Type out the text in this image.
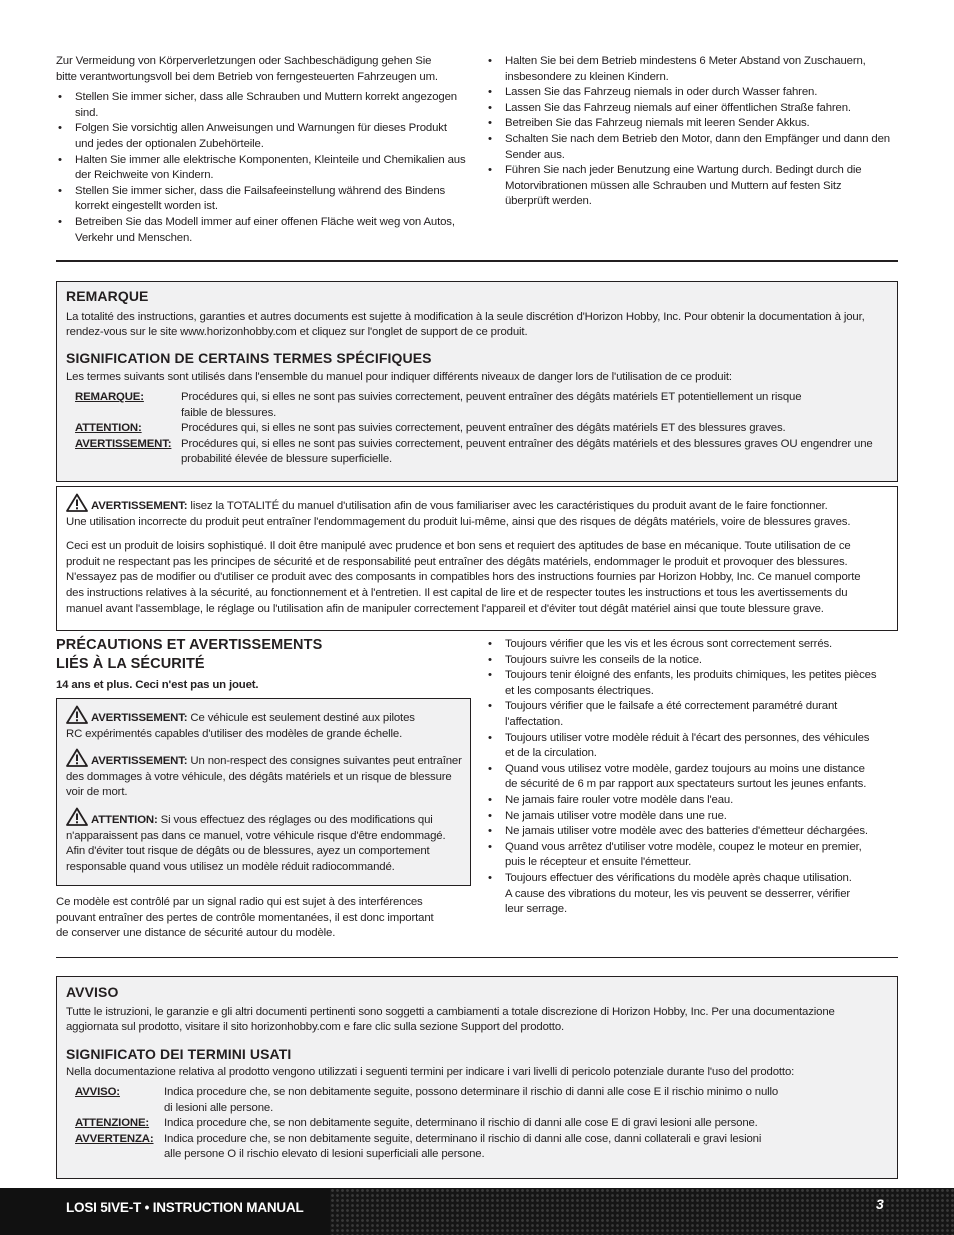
Zur Vermeidung von Körperverletzungen oder Sachbeschädigung gehen Sie
bitte verantwortungsvoll bei dem Betrieb von ferngesteuerten Fahrzeugen um.

• Stellen Sie immer sicher, dass alle Schrauben und Muttern korrekt angezogen
sind.
• Folgen Sie vorsichtig allen Anweisungen und Warnungen für dieses Produkt
und jedes der optionalen Zubehörteile.
• Halten Sie immer alle elektrische Komponenten, Kleinteile und Chemikalien aus
der Reichweite von Kindern.
• Stellen Sie immer sicher, dass die Failsafeeinstellung während des Bindens
korrekt eingestellt worden ist.
• Betreiben Sie das Modell immer auf einer offenen Fläche weit weg von Autos,
Verkehr und Menschen.
• Halten Sie bei dem Betrieb mindestens 6 Meter Abstand von Zuschauern,
insbesondere zu kleinen Kindern.
• Lassen Sie das Fahrzeug niemals in oder durch Wasser fahren.
• Lassen Sie das Fahrzeug niemals auf einer öffentlichen Straße fahren.
• Betreiben Sie das Fahrzeug niemals mit leeren Sender Akkus.
• Schalten Sie nach dem Betrieb den Motor, dann den Empfänger und dann den
Sender aus.
• Führen Sie nach jeder Benutzung eine Wartung durch. Bedingt durch die
Motorvibrationen müssen alle Schrauben und Muttern auf festen Sitz
überprüft werden.
REMARQUE

La totalité des instructions, garanties et autres documents est sujette à modification à la seule discrétion d'Horizon Hobby, Inc. Pour obtenir la documentation à jour,
rendez-vous sur le site www.horizonhobby.com et cliquez sur l'onglet de support de ce produit.

SIGNIFICATION DE CERTAINS TERMES SPÉCIFIQUES

Les termes suivants sont utilisés dans l'ensemble du manuel pour indiquer différents niveaux de danger lors de l'utilisation de ce produit:

REMARQUE:	Procédures qui, si elles ne sont pas suivies correctement, peuvent entraîner des dégâts matériels ET potentiellement un risque
faible de blessures.
ATTENTION:	Procédures qui, si elles ne sont pas suivies correctement, peuvent entraîner des dégâts matériels ET des blessures graves.
AVERTISSEMENT: Procédures qui, si elles ne sont pas suivies correctement, peuvent entraîner des dégâts matériels et des blessures graves OU engendrer une
probabilité élevée de blessure superficielle.

AVERTISSEMENT: lisez la TOTALITÉ du manuel d'utilisation afin de vous familiariser avec les caractéristiques du produit avant de le faire fonctionner.
Une utilisation incorrecte du produit peut entraîner l'endommagement du produit lui-même, ainsi que des risques de dégâts matériels, voire de blessures graves.

Ceci est un produit de loisirs sophistiqué. Il doit être manipulé avec prudence et bon sens et requiert des aptitudes de base en mécanique. Toute utilisation de ce
produit ne respectant pas les principes de sécurité et de responsabilité peut entraîner des dégâts matériels, endommager le produit et provoquer des blessures.
N'essayez pas de modifier ou d'utiliser ce produit avec des composants in compatibles hors des instructions fournies par Horizon Hobby, Inc. Ce manuel comporte
des instructions relatives à la sécurité, au fonctionnement et à l'entretien. Il est capital de lire et de respecter toutes les instructions et tous les avertissements du
manuel avant l'assemblage, le réglage ou l'utilisation afin de manipuler correctement l'appareil et d'éviter tout dégât matériel ainsi que toute blessure grave.

PRÉCAUTIONS ET AVERTISSEMENTS
LIÉS À LA SÉCURITÉ

14 ans et plus. Ceci n'est pas un jouet.

AVERTISSEMENT: Ce véhicule est seulement destiné aux pilotes
RC expérimentés capables d'utiliser des modèles de grande échelle.

AVERTISSEMENT: Un non-respect des consignes suivantes peut entraîner
des dommages à votre véhicule, des dégâts matériels et un risque de blessure
voir de mort.

ATTENTION: Si vous effectuez des réglages ou des modifications qui
n'apparaissent pas dans ce manuel, votre véhicule risque d'être endommagé.
Afin d'éviter tout risque de dégâts ou de blessures, ayez un comportement
responsable quand vous utilisez un modèle réduit radiocommandé.

Ce modèle est contrôlé par un signal radio qui est sujet à des interférences
pouvant entraîner des pertes de contrôle momentanées, il est donc important
de conserver une distance de sécurité autour du modèle.

• Toujours vérifier que les vis et les écrous sont correctement serrés.
• Toujours suivre les conseils de la notice.
• Toujours tenir éloigné des enfants, les produits chimiques, les petites pièces
et les composants électriques.
• Toujours vérifier que le failsafe a été correctement paramétré durant
l'affectation.
• Toujours utiliser votre modèle réduit à l'écart des personnes, des véhicules
et de la circulation.
• Quand vous utilisez votre modèle, gardez toujours au moins une distance
de sécurité de 6 m par rapport aux spectateurs surtout les jeunes enfants.
• Ne jamais faire rouler votre modèle dans l'eau.
• Ne jamais utiliser votre modèle dans une rue.
• Ne jamais utiliser votre modèle avec des batteries d'émetteur déchargées.
• Quand vous arrêtez d'utiliser votre modèle, coupez le moteur en premier,
puis le récepteur et ensuite l'émetteur.
• Toujours effectuer des vérifications du modèle après chaque utilisation.
A cause des vibrations du moteur, les vis peuvent se desserrer, vérifier
leur serrage.
AVVISO

Tutte le istruzioni, le garanzie e gli altri documenti pertinenti sono soggetti a cambiamenti a totale discrezione di Horizon Hobby, Inc. Per una documentazione
aggiornata sul prodotto, visitare il sito horizonhobby.com e fare clic sulla sezione Support del prodotto.

SIGNIFICATO DEI TERMINI USATI

Nella documentazione relativa al prodotto vengono utilizzati i seguenti termini per indicare i vari livelli di pericolo potenziale durante l'uso del prodotto:

AVVISO:	Indica procedure che, se non debitamente seguite, possono determinare il rischio di danni alle cose E il rischio minimo o nullo
di lesioni alle persone.
ATTENZIONE:	Indica procedure che, se non debitamente seguite, determinano il rischio di danni alle cose E di gravi lesioni alle persone.
AVVERTENZA: Indica procedure che, se non debitamente seguite, determinano il rischio di danni alle cose, danni collaterali e gravi lesioni
alle persone O il rischio elevato di lesioni superficiali alle persone.
LOSI 5IVE-T • INSTRUCTION MANUAL	3
